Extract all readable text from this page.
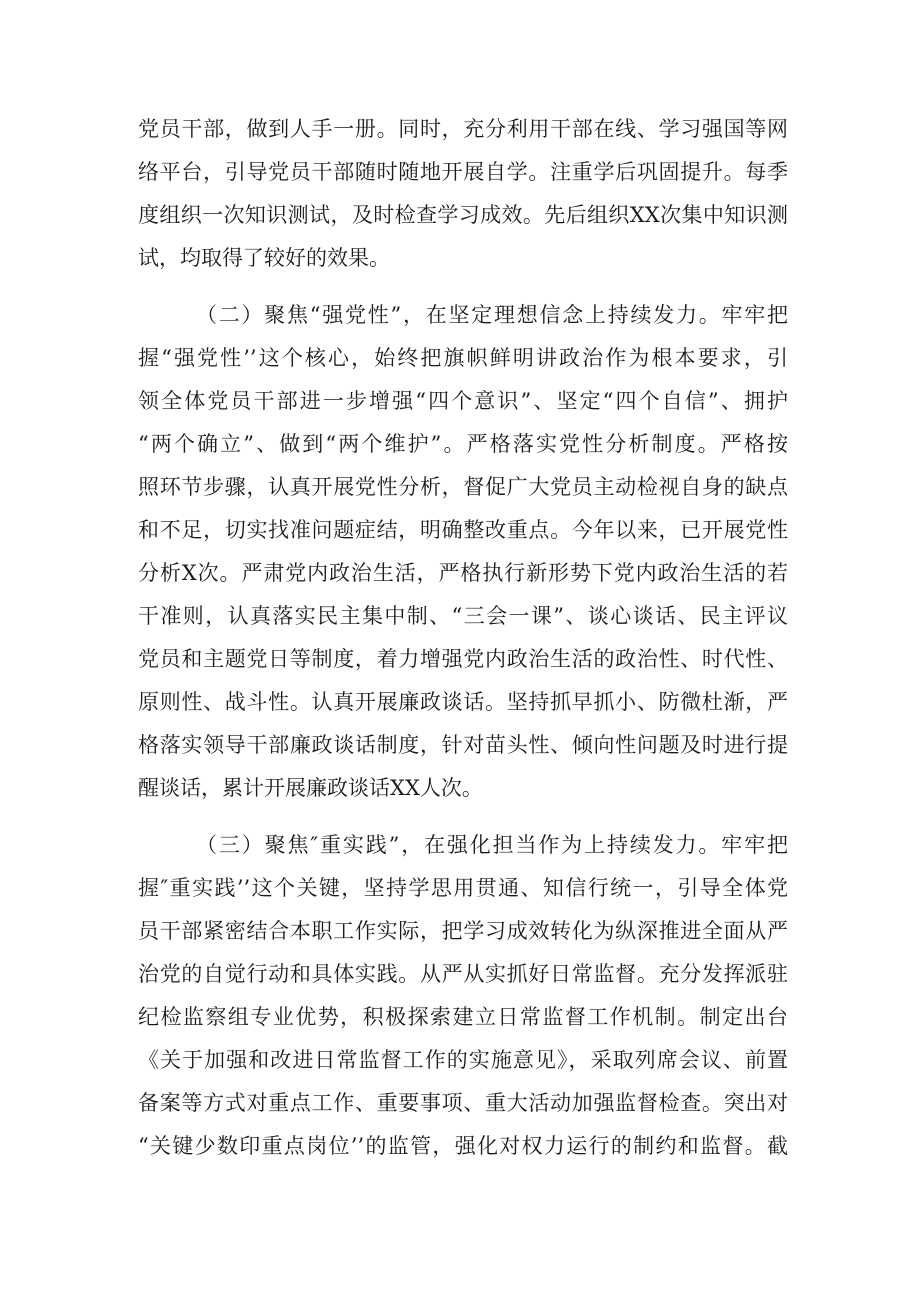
党员干部，做到人手一册。同时，充分利用干部在线、学习强国等网
络平台，引导党员干部随时随地开展自学。注重学后巩固提升。每季
度组织一次知识测试，及时检查学习成效。先后组织XX次集中知识测
试，均取得了较好的效果。
（二）聚焦“强党性”，在坚定理想信念上持续发力。牢牢把
握“强党性’’这个核心，始终把旗帜鲜明讲政治作为根本要求，引
领全体党员干部进一步增强“四个意识”、坚定“四个自信”、拥护
“两个确立”、做到“两个维护”。严格落实党性分析制度。严格按
照环节步骤，认真开展党性分析，督促广大党员主动检视自身的缺点
和不足，切实找准问题症结，明确整改重点。今年以来，已开展党性
分析X次。严肃党内政治生活，严格执行新形势下党内政治生活的若
干准则，认真落实民主集中制、“三会一课”、谈心谈话、民主评议
党员和主题党日等制度，着力增强党内政治生活的政治性、时代性、
原则性、战斗性。认真开展廉政谈话。坚持抓早抓小、防微杜渐，严
格落实领导干部廉政谈话制度，针对苗头性、倾向性问题及时进行提
醒谈话，累计开展廉政谈话XX人次。
（三）聚焦″重实践”，在强化担当作为上持续发力。牢牢把
握″重实践’’这个关键，坚持学思用贯通、知信行统一，引导全体党
员干部紧密结合本职工作实际，把学习成效转化为纵深推进全面从严
治党的自觉行动和具体实践。从严从实抓好日常监督。充分发挥派驻
纪检监察组专业优势，积极探索建立日常监督工作机制。制定出台
《关于加强和改进日常监督工作的实施意见》，采取列席会议、前置
备案等方式对重点工作、重要事项、重大活动加强监督检查。突出对
“关键少数印重点岗位’’的监管，强化对权力运行的制约和监督。截
